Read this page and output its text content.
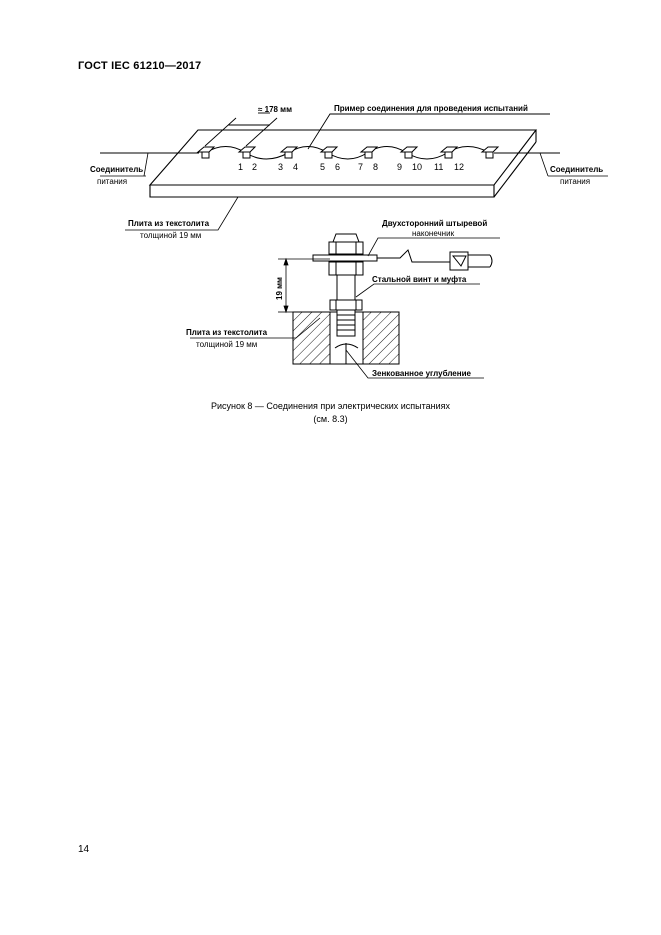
ГОСТ IEC 61210—2017
1 2 3 4 5 6 7 8 9 10 11 12
≈ 178 мм	Пример соединения для проведения испытаний
Соединитель
питания
Соединитель
питания
Плита из текстолита
толщиной 19 мм
19 мм
Двухсторонний штыревой
наконечник
Стальной винт и муфта
Плита из текстолита
толщиной 19 мм
Зенкованное углубление
Рисунок 8 — Соединения при электрических испытаниях
(см. 8.3)
14
